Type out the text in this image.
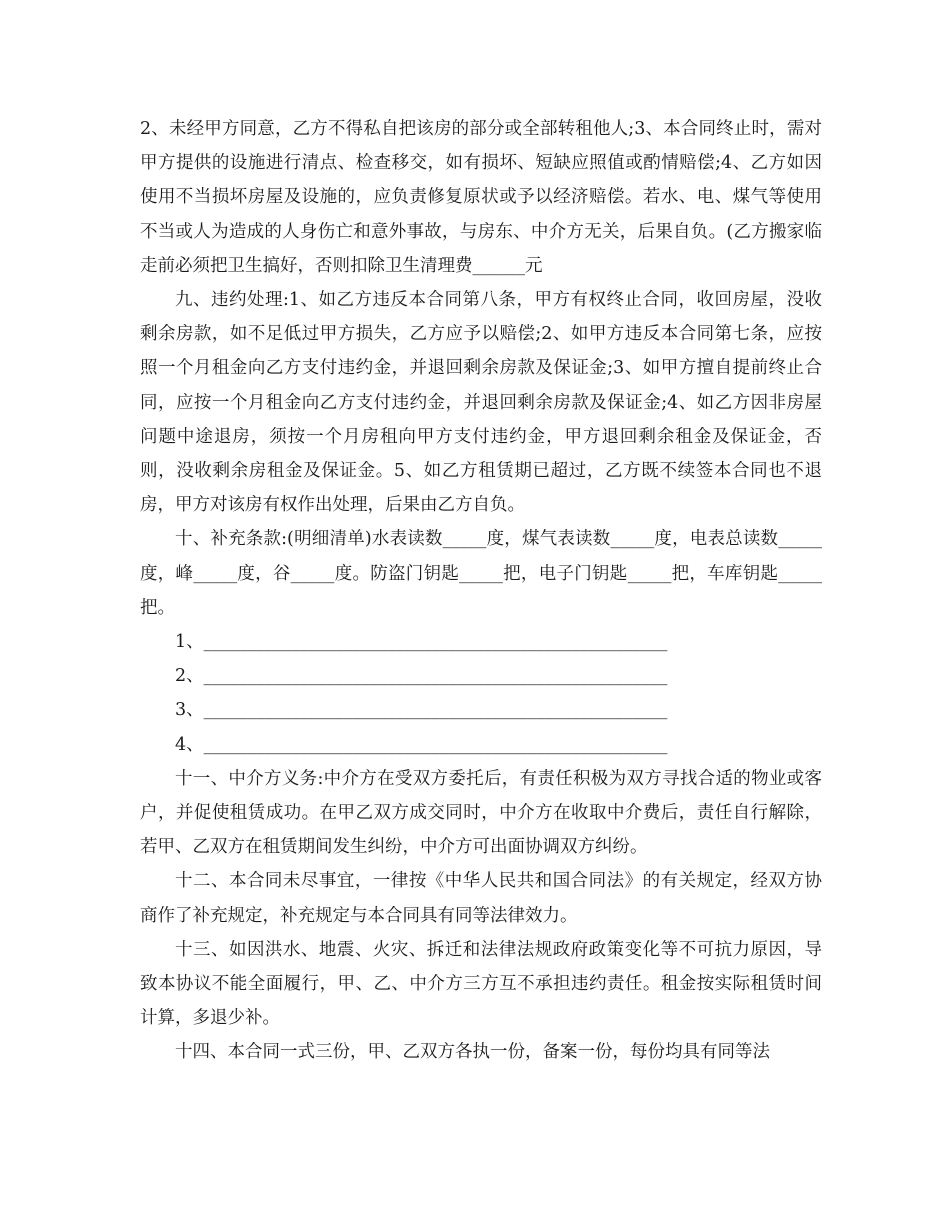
2、未经甲方同意，乙方不得私自把该房的部分或全部转租他人;3、本合同终止时，需对甲方提供的设施进行清点、检查移交，如有损坏、短缺应照值或酌情赔偿;4、乙方如因使用不当损坏房屋及设施的，应负责修复原状或予以经济赔偿。若水、电、煤气等使用不当或人为造成的人身伤亡和意外事故，与房东、中介方无关，后果自负。(乙方搬家临走前必须把卫生搞好，否则扣除卫生清理费______元

九、违约处理:1、如乙方违反本合同第八条，甲方有权终止合同，收回房屋，没收剩余房款，如不足低过甲方损失，乙方应予以赔偿;2、如甲方违反本合同第七条，应按照一个月租金向乙方支付违约金，并退回剩余房款及保证金;3、如甲方擅自提前终止合同，应按一个月租金向乙方支付违约金，并退回剩余房款及保证金;4、如乙方因非房屋问题中途退房，须按一个月房租向甲方支付违约金，甲方退回剩余租金及保证金，否则，没收剩余房租金及保证金。5、如乙方租赁期已超过，乙方既不续签本合同也不退房，甲方对该房有权作出处理，后果由乙方自负。

十、补充条款:(明细清单)水表读数_____度，煤气表读数_____度，电表总读数_____度，峰_____度，谷_____度。防盗门钥匙_____把，电子门钥匙_____把，车库钥匙_____把。

1、_____________________________________________________

2、_____________________________________________________

3、_____________________________________________________

4、_____________________________________________________

十一、中介方义务:中介方在受双方委托后，有责任积极为双方寻找合适的物业或客户，并促使租赁成功。在甲乙双方成交同时，中介方在收取中介费后，责任自行解除，若甲、乙双方在租赁期间发生纠纷，中介方可出面协调双方纠纷。

十二、本合同未尽事宜，一律按《中华人民共和国合同法》的有关规定，经双方协商作了补充规定，补充规定与本合同具有同等法律效力。

十三、如因洪水、地震、火灾、拆迁和法律法规政府政策变化等不可抗力原因，导致本协议不能全面履行，甲、乙、中介方三方互不承担违约责任。租金按实际租赁时间计算，多退少补。

十四、本合同一式三份，甲、乙双方各执一份，备案一份，每份均具有同等法
